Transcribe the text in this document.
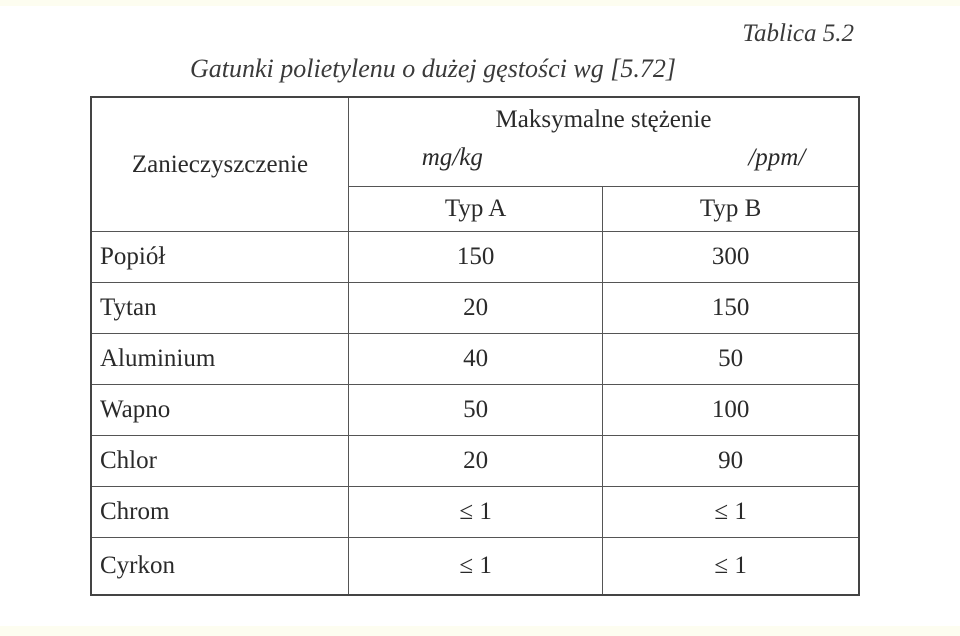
Tablica 5.2
Gatunki polietylenu o dużej gęstości wg [5.72]
Zanieczyszczenie	Maksymalne stężenie
mg/kg /ppm/	

	Typ A	Typ B
Popiół	150	300
Tytan	20	150
Aluminium	40	50
Wapno	50	100
Chlor	20	90
Chrom	≤ 1	≤ 1
Cyrkon	≤ 1	≤ 1
